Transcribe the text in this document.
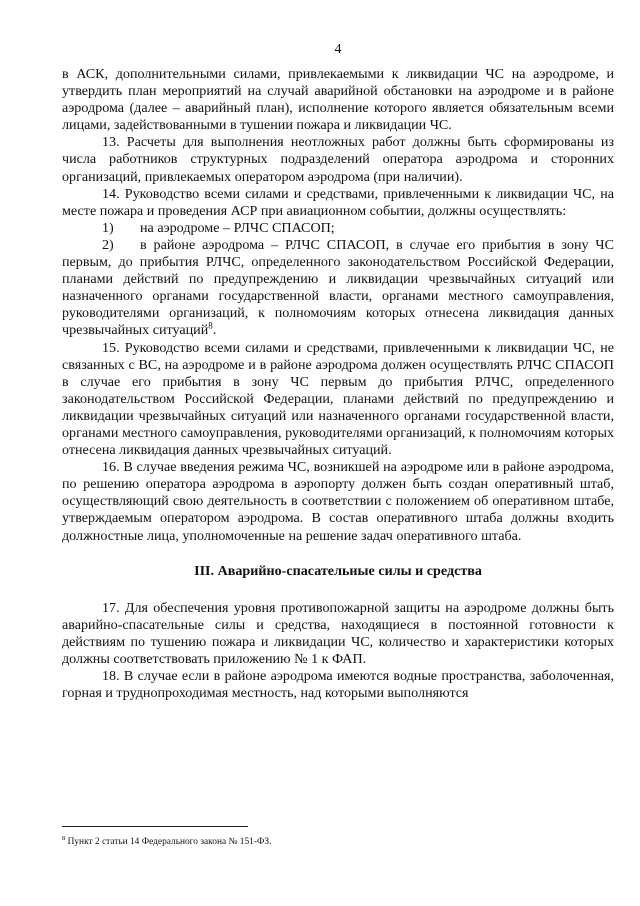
4

в АСК, дополнительными силами, привлекаемыми к ликвидации ЧС на аэродроме, и утвердить план мероприятий на случай аварийной обстановки на аэродроме и в районе аэродрома (далее – аварийный план), исполнение которого является обязательным всеми лицами, задействованными в тушении пожара и ликвидации ЧС.

13. Расчеты для выполнения неотложных работ должны быть сформированы из числа работников структурных подразделений оператора аэродрома и сторонних организаций, привлекаемых оператором аэродрома (при наличии).

14. Руководство всеми силами и средствами, привлеченными к ликвидации ЧС, на месте пожара и проведения АСР при авиационном событии, должны осуществлять:

1) на аэродроме – РЛЧС СПАСОП;

2) в районе аэродрома – РЛЧС СПАСОП, в случае его прибытия в зону ЧС первым, до прибытия РЛЧС, определенного законодательством Российской Федерации, планами действий по предупреждению и ликвидации чрезвычайных ситуаций или назначенного органами государственной власти, органами местного самоуправления, руководителями организаций, к полномочиям которых отнесена ликвидация данных чрезвычайных ситуаций$^8$.

15. Руководство всеми силами и средствами, привлеченными к ликвидации ЧС, не связанных с ВС, на аэродроме и в районе аэродрома должен осуществлять РЛЧС СПАСОП в случае его прибытия в зону ЧС первым до прибытия РЛЧС, определенного законодательством Российской Федерации, планами действий по предупреждению и ликвидации чрезвычайных ситуаций или назначенного органами государственной власти, органами местного самоуправления, руководителями организаций, к полномочиям которых отнесена ликвидация данных чрезвычайных ситуаций.

16. В случае введения режима ЧС, возникшей на аэродроме или в районе аэродрома, по решению оператора аэродрома в аэропорту должен быть создан оперативный штаб, осуществляющий свою деятельность в соответствии с положением об оперативном штабе, утверждаемым оператором аэродрома. В состав оперативного штаба должны входить должностные лица, уполномоченные на решение задач оперативного штаба.

III. Аварийно-спасательные силы и средства

17. Для обеспечения уровня противопожарной защиты на аэродроме должны быть аварийно-спасательные силы и средства, находящиеся в постоянной готовности к действиям по тушению пожара и ликвидации ЧС, количество и характеристики которых должны соответствовать приложению № 1 к ФАП.

18. В случае если в районе аэродрома имеются водные пространства, заболоченная, горная и труднопроходимая местность, над которыми выполняются

$^8$ Пункт 2 статьи 14 Федерального закона № 151-ФЗ.
